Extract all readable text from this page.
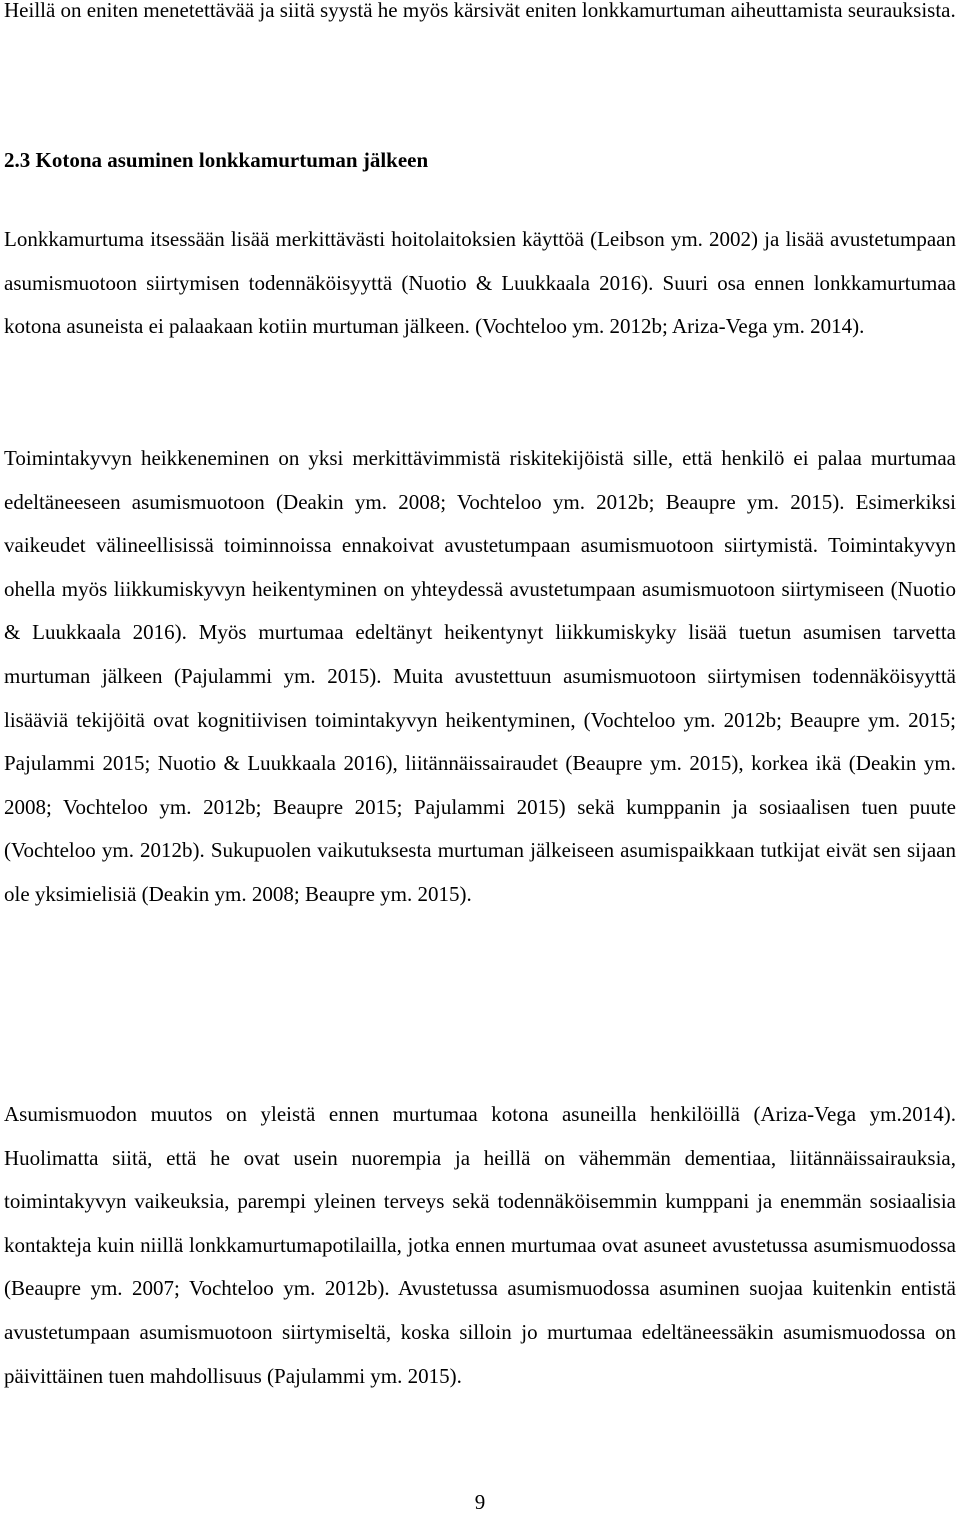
Heillä on eniten menetettävää ja siitä syystä he myös kärsivät eniten lonkkamurtuman aiheuttamista seurauksista.

2.3 Kotona asuminen lonkkamurtuman jälkeen

Lonkkamurtuma itsessään lisää merkittävästi hoitolaitoksien käyttöä (Leibson ym. 2002) ja lisää avustetumpaan asumismuotoon siirtymisen todennäköisyyttä (Nuotio & Luukkaala 2016). Suuri osa ennen lonkkamurtumaa kotona asuneista ei palaakaan kotiin murtuman jälkeen. (Vochteloo ym. 2012b; Ariza-Vega ym. 2014).

Toimintakyvyn heikkeneminen on yksi merkittävimmistä riskitekijöistä sille, että henkilö ei palaa murtumaa edeltäneeseen asumismuotoon (Deakin ym. 2008; Vochteloo ym. 2012b; Beaupre ym. 2015). Esimerkiksi vaikeudet välineellisissä toiminnoissa ennakoivat avustetumpaan asumismuotoon siirtymistä. Toimintakyvyn ohella myös liikkumiskyvyn heikentyminen on yhteydessä avustetumpaan asumismuotoon siirtymiseen (Nuotio & Luukkaala 2016). Myös murtumaa edeltänyt heikentynyt liikkumiskyky lisää tuetun asumisen tarvetta murtuman jälkeen (Pajulammi ym. 2015). Muita avustettuun asumismuotoon siirtymisen todennäköisyyttä lisääviä tekijöitä ovat kognitiivisen toimintakyvyn heikentyminen, (Vochteloo ym. 2012b; Beaupre ym. 2015; Pajulammi 2015; Nuotio & Luukkaala 2016), liitännäissairaudet (Beaupre ym. 2015), korkea ikä (Deakin ym. 2008; Vochteloo ym. 2012b; Beaupre 2015; Pajulammi 2015) sekä kumppanin ja sosiaalisen tuen puute (Vochteloo ym. 2012b). Sukupuolen vaikutuksesta murtuman jälkeiseen asumispaikkaan tutkijat eivät sen sijaan ole yksimielisiä (Deakin ym. 2008; Beaupre ym. 2015).

Asumismuodon muutos on yleistä ennen murtumaa kotona asuneilla henkilöillä (Ariza-Vega ym.2014). Huolimatta siitä, että he ovat usein nuorempia ja heillä on vähemmän dementiaa, liitännäissairauksia, toimintakyvyn vaikeuksia, parempi yleinen terveys sekä todennäköisemmin kumppani ja enemmän sosiaalisia kontakteja kuin niillä lonkkamurtumapotilailla, jotka ennen murtumaa ovat asuneet avustetussa asumismuodossa (Beaupre ym. 2007; Vochteloo ym. 2012b). Avustetussa asumismuodossa asuminen suojaa kuitenkin entistä avustetumpaan asumismuotoon siirtymiseltä, koska silloin jo murtumaa edeltäneessäkin asumismuodossa on päivittäinen tuen mahdollisuus (Pajulammi ym. 2015).

9
